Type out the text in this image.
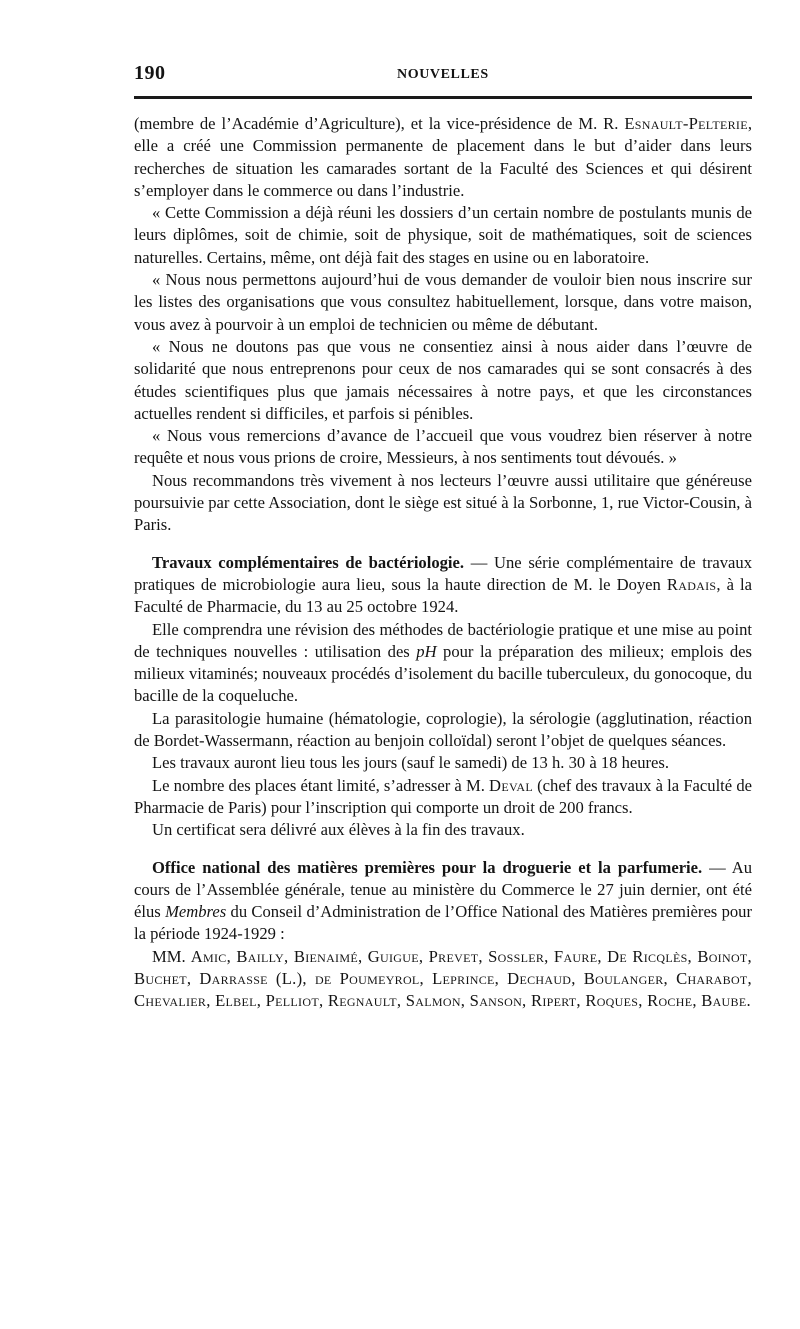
190	NOUVELLES

(membre de l’Académie d’Agriculture), et la vice-présidence de M. R. Esnault-Pelterie, elle a créé une Commission permanente de placement dans le but d’aider dans leurs recherches de situation les camarades sortant de la Faculté des Sciences et qui désirent s’employer dans le commerce ou dans l’industrie.

« Cette Commission a déjà réuni les dossiers d’un certain nombre de postulants munis de leurs diplômes, soit de chimie, soit de physique, soit de mathématiques, soit de sciences naturelles. Certains, même, ont déjà fait des stages en usine ou en laboratoire.

« Nous nous permettons aujourd’hui de vous demander de vouloir bien nous inscrire sur les listes des organisations que vous consultez habituellement, lorsque, dans votre maison, vous avez à pourvoir à un emploi de technicien ou même de débutant.

« Nous ne doutons pas que vous ne consentiez ainsi à nous aider dans l’œuvre de solidarité que nous entreprenons pour ceux de nos camarades qui se sont consacrés à des études scientifiques plus que jamais nécessaires à notre pays, et que les circonstances actuelles rendent si difficiles, et parfois si pénibles.

« Nous vous remercions d’avance de l’accueil que vous voudrez bien réserver à notre requête et nous vous prions de croire, Messieurs, à nos sentiments tout dévoués. »

Nous recommandons très vivement à nos lecteurs l’œuvre aussi utilitaire que généreuse poursuivie par cette Association, dont le siège est situé à la Sorbonne, 1, rue Victor-Cousin, à Paris.

Travaux complémentaires de bactériologie. — Une série complémentaire de travaux pratiques de microbiologie aura lieu, sous la haute direction de M. le Doyen Radais, à la Faculté de Pharmacie, du 13 au 25 octobre 1924.

Elle comprendra une révision des méthodes de bactériologie pratique et une mise au point de techniques nouvelles : utilisation des pH pour la préparation des milieux; emplois des milieux vitaminés; nouveaux procédés d’isolement du bacille tuberculeux, du gonocoque, du bacille de la coqueluche.

La parasitologie humaine (hématologie, coprologie), la sérologie (agglutination, réaction de Bordet-Wassermann, réaction au benjoin colloïdal) seront l’objet de quelques séances.

Les travaux auront lieu tous les jours (sauf le samedi) de 13 h. 30 à 18 heures.

Le nombre des places étant limité, s’adresser à M. Deval (chef des travaux à la Faculté de Pharmacie de Paris) pour l’inscription qui comporte un droit de 200 francs.

Un certificat sera délivré aux élèves à la fin des travaux.

Office national des matières premières pour la droguerie et la parfumerie. — Au cours de l’Assemblée générale, tenue au ministère du Commerce le 27 juin dernier, ont été élus Membres du Conseil d’Administration de l’Office National des Matières premières pour la période 1924-1929 :

MM. Amic, Bailly, Bienaimé, Guigue, Prevet, Sossler, Faure, De Ricqlès, Boinot, Buchet, Darrasse (L.), de Poumeyrol, Leprince, Dechaud, Boulanger, Charabot, Chevalier, Elbel, Pelliot, Regnault, Salmon, Sanson, Ripert, Roques, Roche, Baube.
